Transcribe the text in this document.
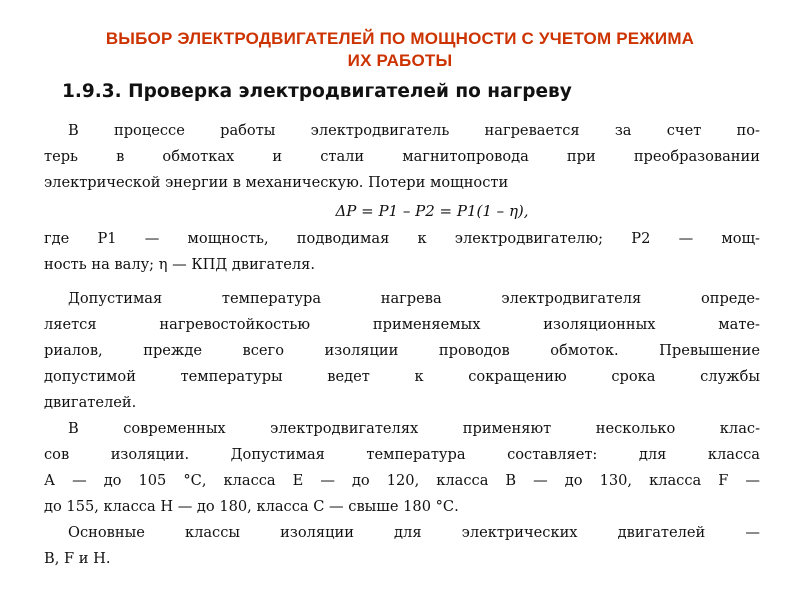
ВЫБОР ЭЛЕКТРОДВИГАТЕЛЕЙ ПО МОЩНОСТИ С УЧЕТОМ РЕЖИМА
ИХ РАБОТЫ
1.9.3. Проверка электродвигателей по нагреву

В процессе работы электродвигатель нагревается за счет по-
терь в обмотках и стали магнитопровода при преобразовании
электрической энергии в механическую. Потери мощности

ΔP = P1 – P2 = P1(1 – η),

где P1 — мощность, подводимая к электродвигателю; P2 — мощ-
ность на валу; η — КПД двигателя.

Допустимая температура нагрева электродвигателя опреде-
ляется нагревостойкостью применяемых изоляционных мате-
риалов, прежде всего изоляции проводов обмоток. Превышение
допустимой температуры ведет к сокращению срока службы
двигателей.

В современных электродвигателях применяют несколько клас-
сов изоляции. Допустимая температура составляет: для класса
А — до 105 °С, класса Е — до 120, класса В — до 130, класса F —
до 155, класса Н — до 180, класса С — свыше 180 °С.

Основные классы изоляции для электрических двигателей —
В, F и Н.
